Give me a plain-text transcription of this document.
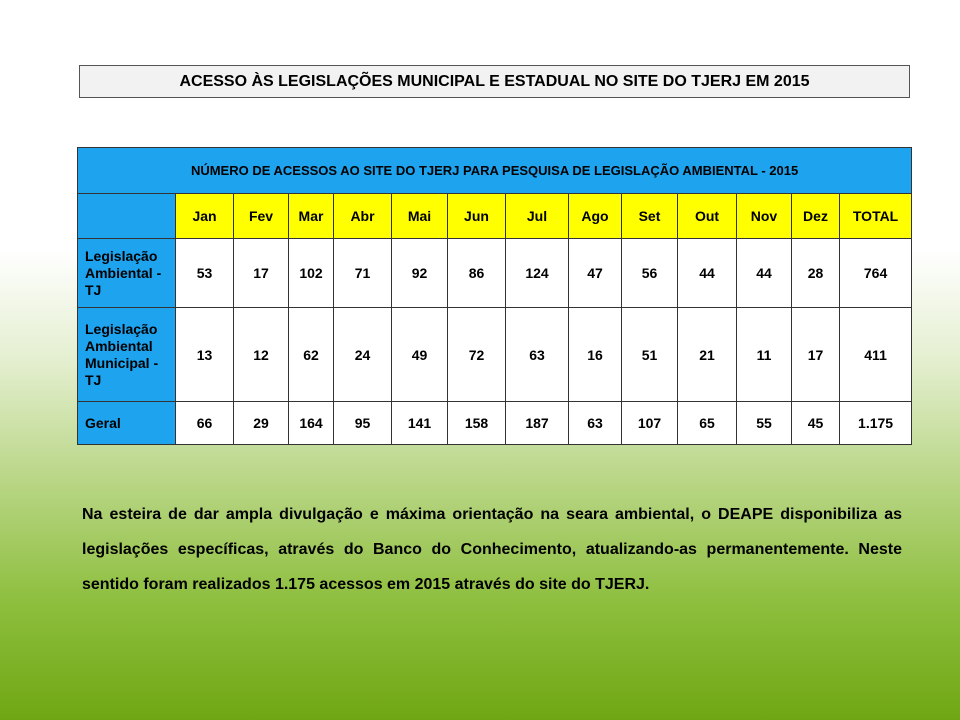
ACESSO ÀS LEGISLAÇÕES MUNICIPAL E ESTADUAL NO SITE DO TJERJ EM 2015
NÚMERO DE ACESSOS AO SITE DO TJERJ PARA PESQUISA DE LEGISLAÇÃO AMBIENTAL - 2015													
	Jan	Fev	Mar	Abr	Mai	Jun	Jul	Ago	Set	Out	Nov	Dez	TOTAL
Legislação Ambiental - TJ	53	17	102	71	92	86	124	47	56	44	44	28	764
Legislação Ambiental Municipal - TJ	13	12	62	24	49	72	63	16	51	21	11	17	411
Geral	66	29	164	95	141	158	187	63	107	65	55	45	1.175

Na esteira de dar ampla divulgação e máxima orientação na seara ambiental, o DEAPE disponibiliza as legislações específicas, através do Banco do Conhecimento, atualizando-as permanentemente. Neste sentido foram realizados 1.175 acessos em 2015 através do site do TJERJ.
